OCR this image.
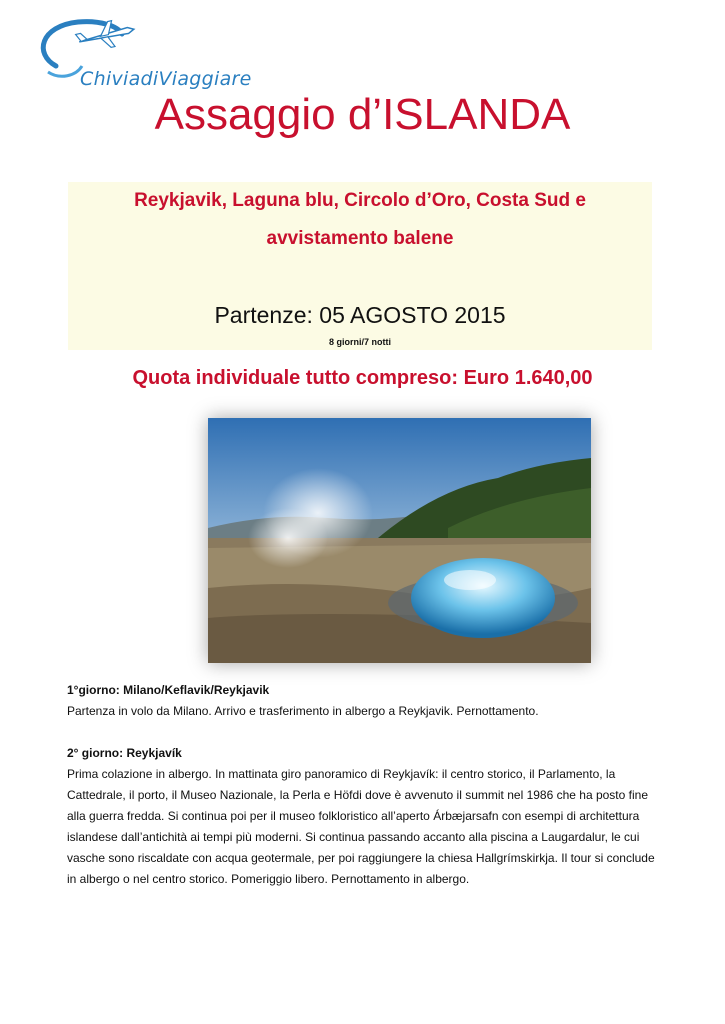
ChiviadiViaggiare
Assaggio d’ISLANDA
Reykjavik, Laguna blu, Circolo d’Oro, Costa Sud e
avvistamento balene
Partenze: 05 AGOSTO 2015
8 giorni/7 notti
Quota individuale tutto compreso: Euro 1.640,00

1°giorno: Milano/Keflavik/Reykjavik

Partenza in volo da Milano. Arrivo e trasferimento in albergo a Reykjavik. Pernottamento.

2° giorno: Reykjavík

Prima colazione in albergo. In mattinata giro panoramico di Reykjavík: il centro storico, il Parlamento, la Cattedrale, il porto, il Museo Nazionale, la Perla e Höfdi dove è avvenuto il summit nel 1986 che ha posto fine alla guerra fredda. Si continua poi per il museo folkloristico all’aperto Árbæjarsafn con esempi di architettura islandese dall’antichità ai tempi più moderni. Si continua passando accanto alla piscina a Laugardalur, le cui vasche sono riscaldate con acqua geotermale, per poi raggiungere la chiesa Hallgrímskirkja. Il tour si conclude in albergo o nel centro storico. Pomeriggio libero. Pernottamento in albergo.
